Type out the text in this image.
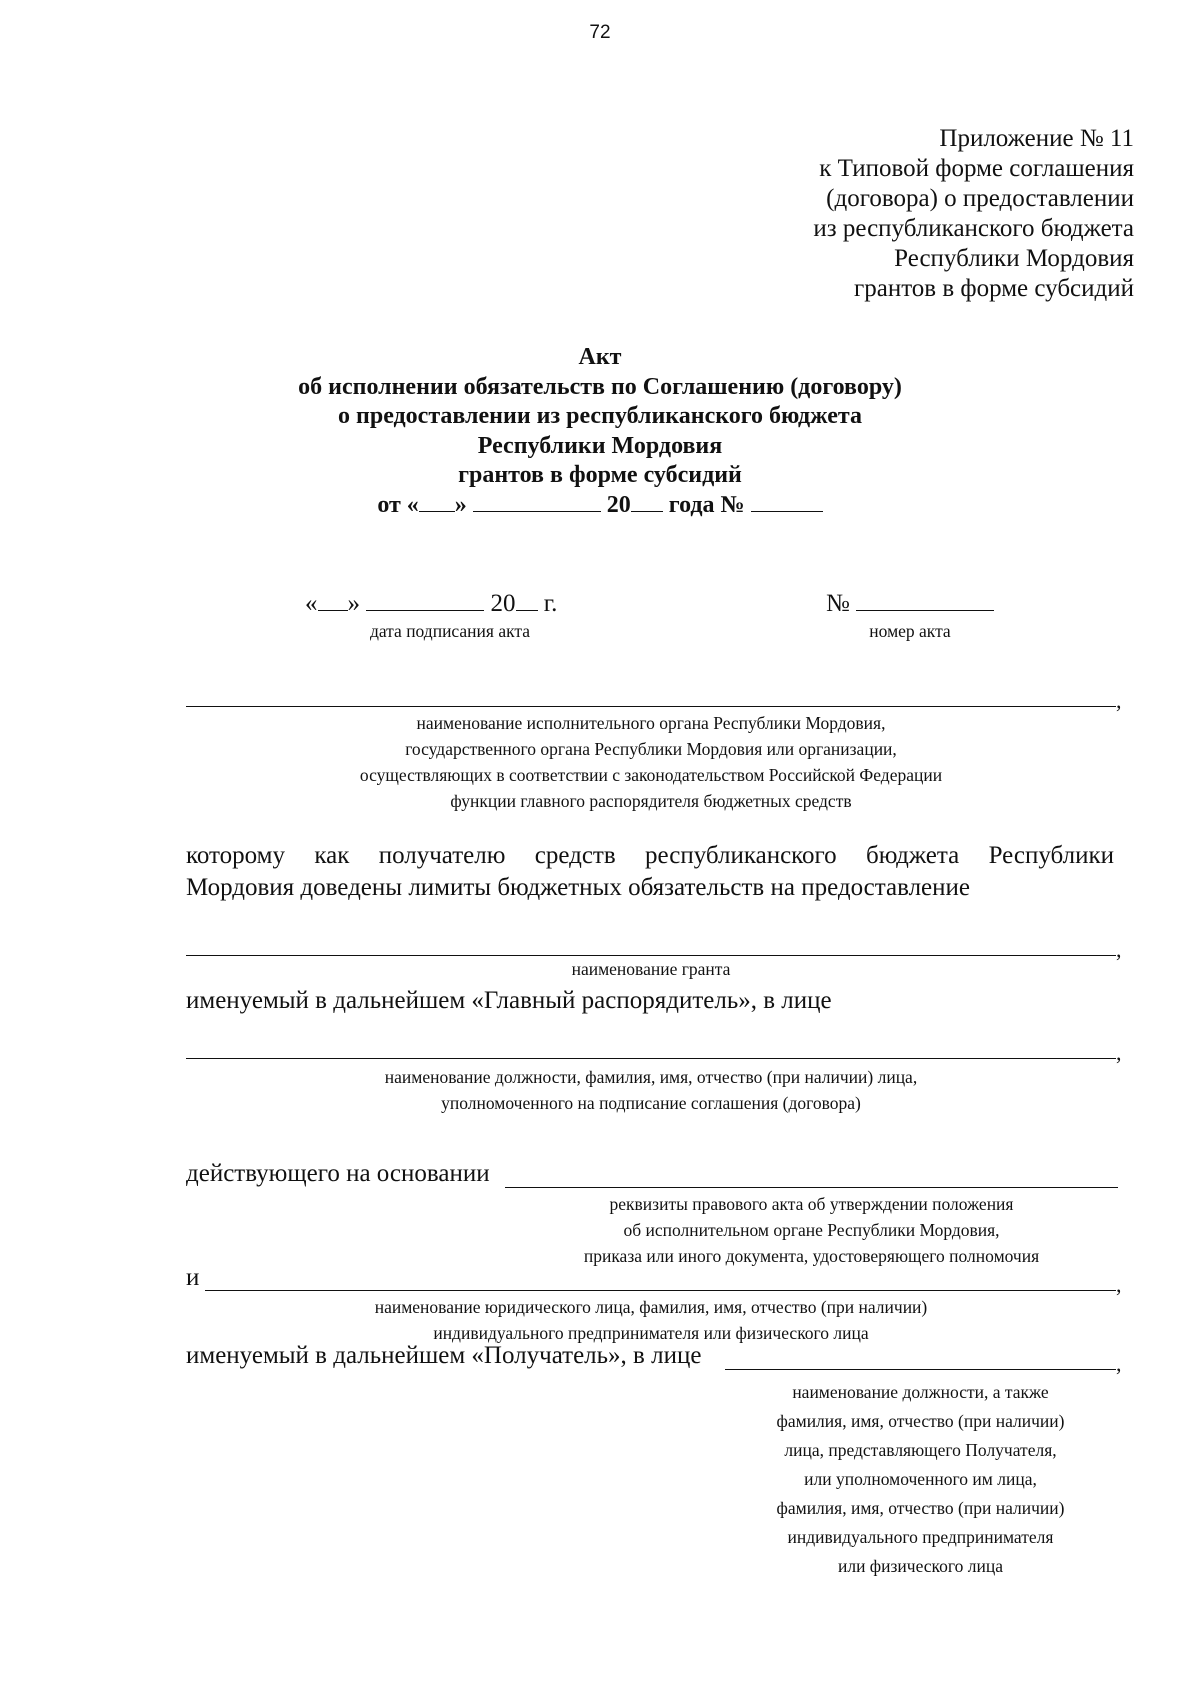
72
Приложение № 11
к Типовой форме соглашения
(договора) о предоставлении
из республиканского бюджета
Республики Мордовия
грантов в форме субсидий
Акт
об исполнении обязательств по Соглашению (договору)
о предоставлении из республиканского бюджета
Республики Мордовия
грантов в форме субсидий
от « »	20 года №
« »	20 г.
дата подписания акта
№
номер акта
,
наименование исполнительного органа Республики Мордовия,
государственного органа Республики Мордовия или организации,
осуществляющих в соответствии с законодательством Российской Федерации
функции главного распорядителя бюджетных средств
которому как получателю средств республиканского бюджета Республики
Мордовия доведены лимиты бюджетных обязательств на предоставление
,
наименование гранта
именуемый в дальнейшем «Главный распорядитель», в лице
,
наименование должности, фамилия, имя, отчество (при наличии) лица,
уполномоченного на подписание соглашения (договора)
действующего на основании
реквизиты правового акта об утверждении положения
об исполнительном органе Республики Мордовия,
приказа или иного документа, удостоверяющего полномочия
и	,
наименование юридического лица, фамилия, имя, отчество (при наличии)
индивидуального предпринимателя или физического лица
именуемый в дальнейшем «Получатель», в лице	,
наименование должности, а также
фамилия, имя, отчество (при наличии)
лица, представляющего Получателя,
или уполномоченного им лица,
фамилия, имя, отчество (при наличии)
индивидуального предпринимателя
или физического лица
